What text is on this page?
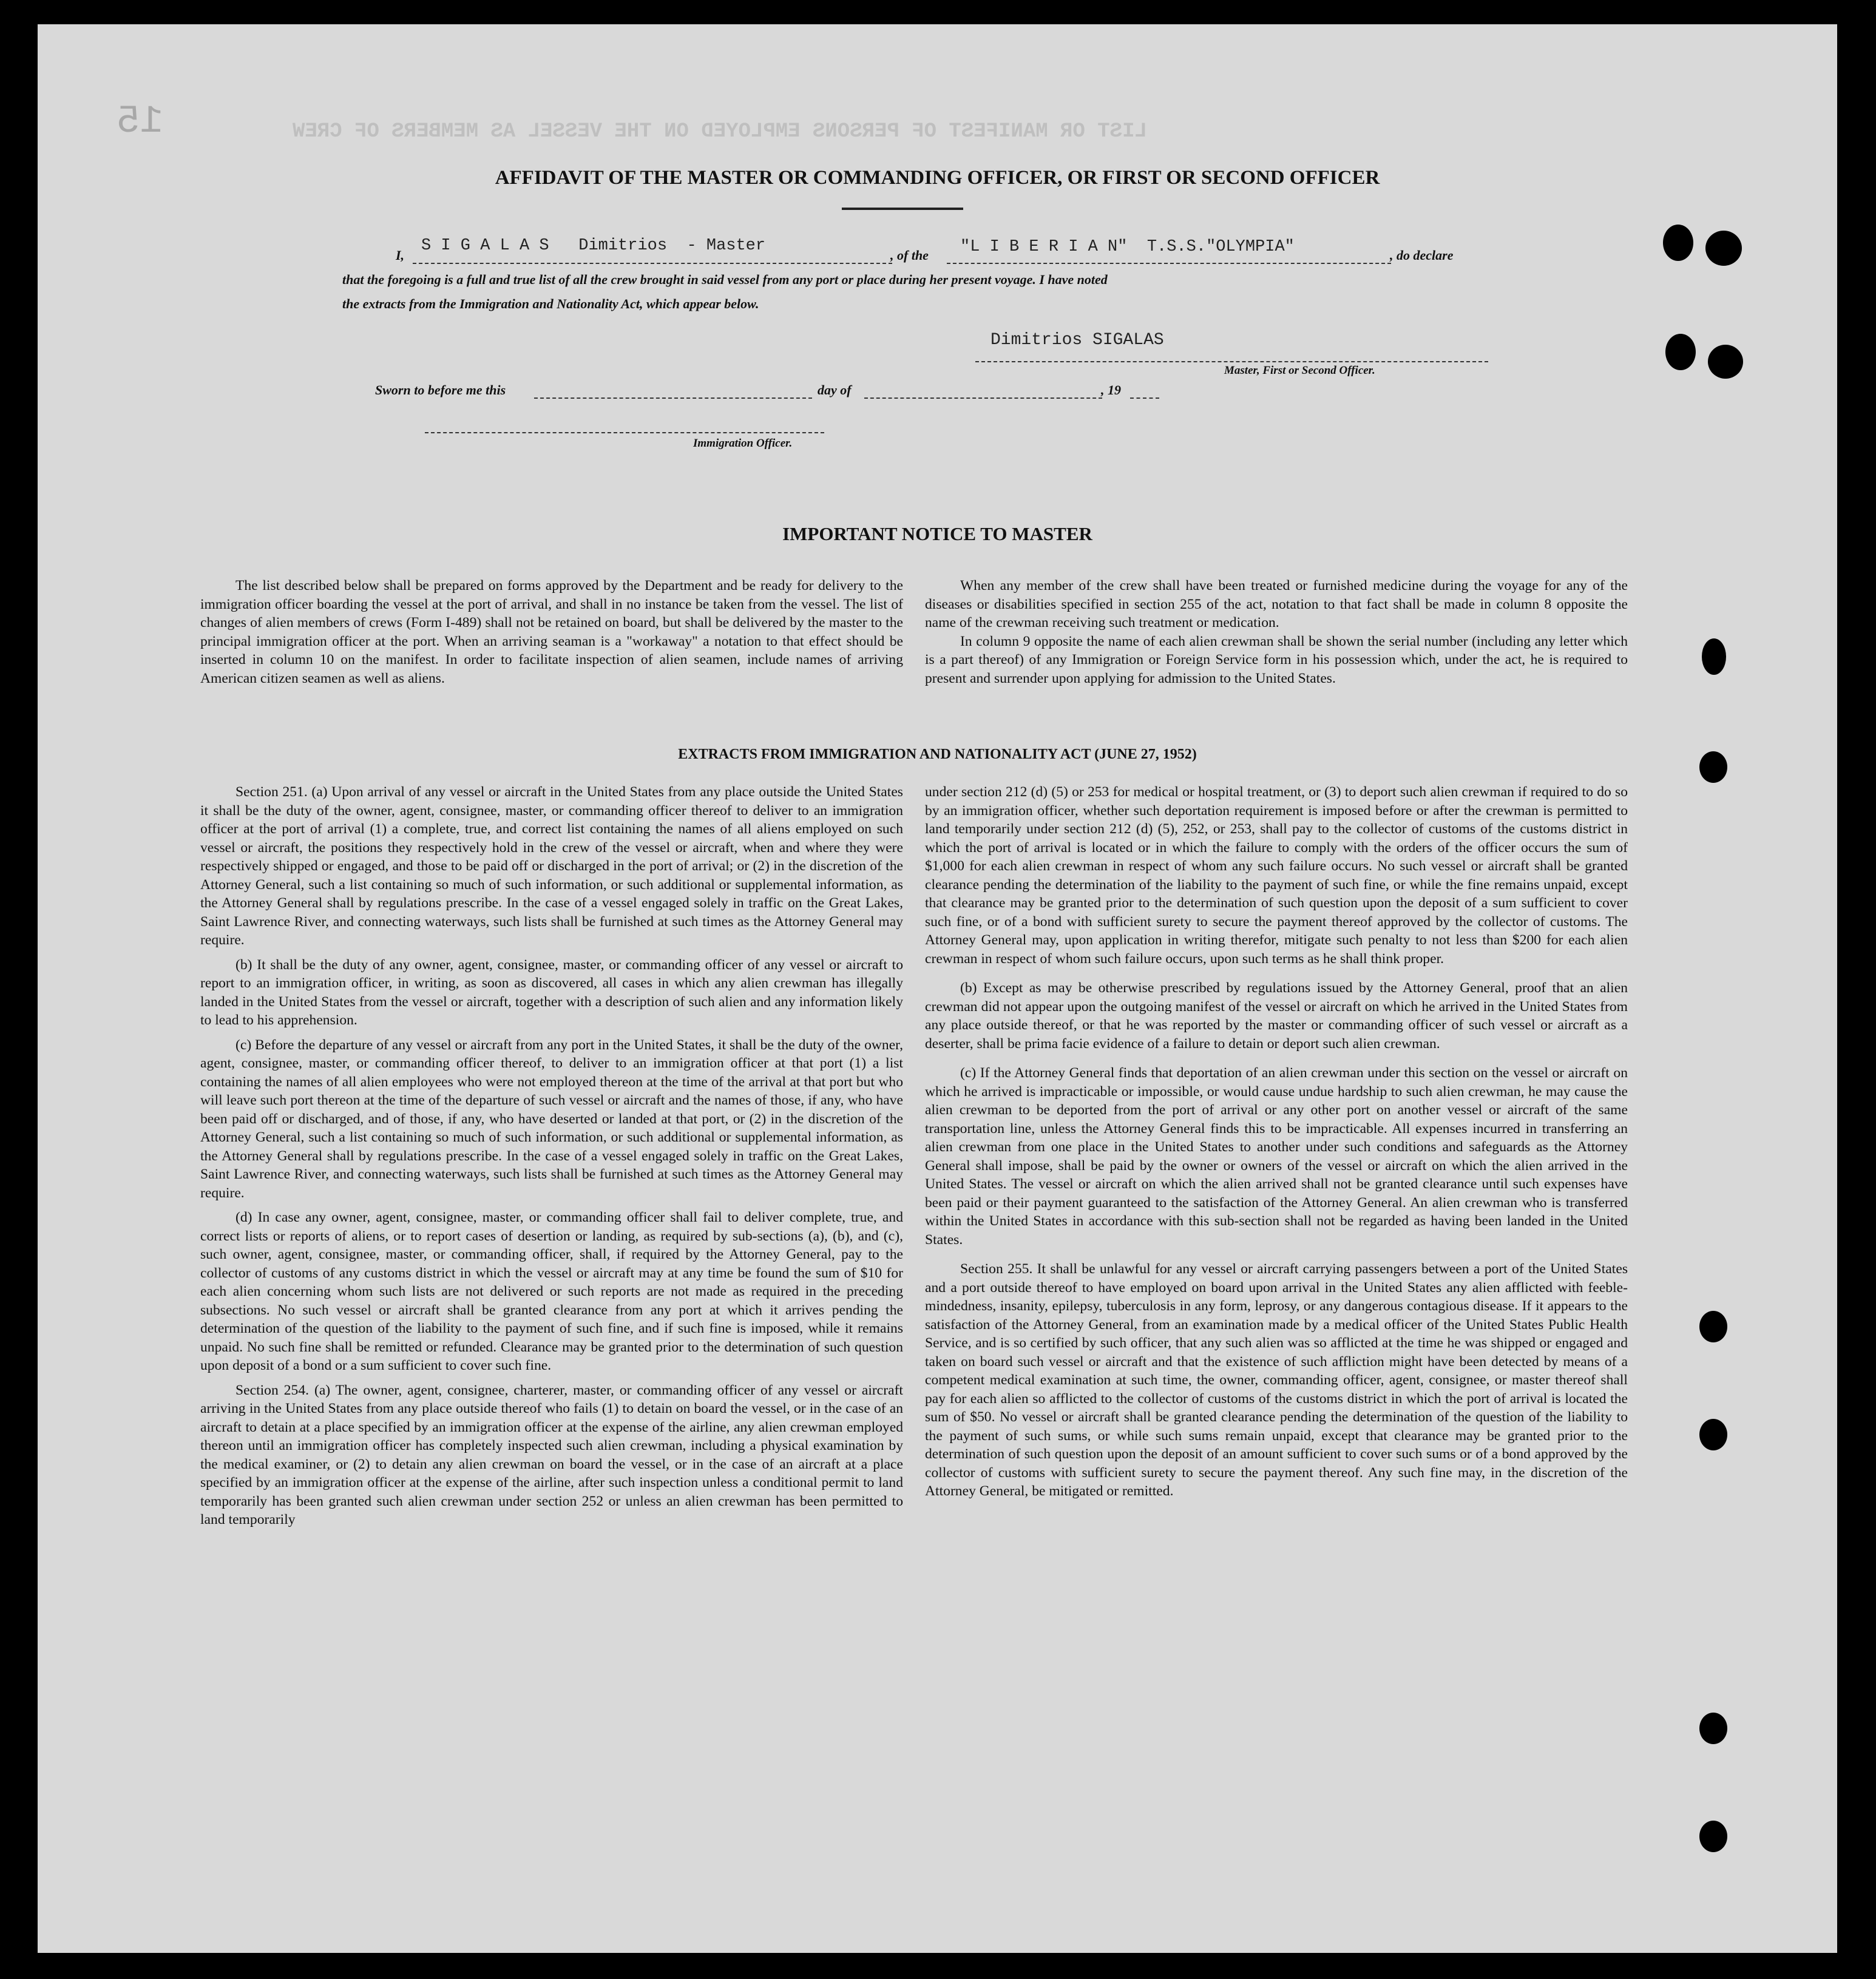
15	LIST OR MANIFEST OF PERSONS EMPLOYED ON THE VESSEL AS MEMBERS OF CREW
AFFIDAVIT OF THE MASTER OR COMMANDING OFFICER, OR FIRST OR SECOND OFFICER
I,
S I G A L A S   Dimitrios  - Master
, of the "L I B E R I A N"  T.S.S."OLYMPIA"	, do declare
that the foregoing is a full and true list of all the crew brought in said vessel from any port or place during her present voyage. I have noted
the extracts from the Immigration and Nationality Act, which appear below.
Dimitrios SIGALAS
Master, First or Second Officer.
Sworn to before me this	day of	, 19
Immigration Officer.
IMPORTANT NOTICE TO MASTER

The list described below shall be prepared on forms approved by the Department and be ready for delivery to the immigration officer boarding the vessel at the port of arrival, and shall in no instance be taken from the vessel. The list of changes of alien members of crews (Form I-489) shall not be retained on board, but shall be delivered by the master to the principal immigration officer at the port. When an arriving seaman is a "workaway" a notation to that effect should be inserted in column 10 on the manifest. In order to facilitate inspection of alien seamen, include names of arriving American citizen seamen as well as aliens.

When any member of the crew shall have been treated or furnished medicine during the voyage for any of the diseases or disabilities specified in section 255 of the act, notation to that fact shall be made in column 8 opposite the name of the crewman receiving such treatment or medication.

In column 9 opposite the name of each alien crewman shall be shown the serial number (including any letter which is a part thereof) of any Immigration or Foreign Service form in his possession which, under the act, he is required to present and surrender upon applying for admission to the United States.

EXTRACTS FROM IMMIGRATION AND NATIONALITY ACT (JUNE 27, 1952)

Section 251. (a) Upon arrival of any vessel or aircraft in the United States from any place outside the United States it shall be the duty of the owner, agent, consignee, master, or commanding officer thereof to deliver to an immigration officer at the port of arrival (1) a complete, true, and correct list containing the names of all aliens employed on such vessel or aircraft, the positions they respectively hold in the crew of the vessel or aircraft, when and where they were respectively shipped or engaged, and those to be paid off or discharged in the port of arrival; or (2) in the discretion of the Attorney General, such a list containing so much of such information, or such additional or supplemental information, as the Attorney General shall by regulations prescribe. In the case of a vessel engaged solely in traffic on the Great Lakes, Saint Lawrence River, and connecting waterways, such lists shall be furnished at such times as the Attorney General may require.

(b) It shall be the duty of any owner, agent, consignee, master, or commanding officer of any vessel or aircraft to report to an immigration officer, in writing, as soon as discovered, all cases in which any alien crewman has illegally landed in the United States from the vessel or aircraft, together with a description of such alien and any information likely to lead to his apprehension.

(c) Before the departure of any vessel or aircraft from any port in the United States, it shall be the duty of the owner, agent, consignee, master, or commanding officer thereof, to deliver to an immigration officer at that port (1) a list containing the names of all alien employees who were not employed thereon at the time of the arrival at that port but who will leave such port thereon at the time of the departure of such vessel or aircraft and the names of those, if any, who have been paid off or discharged, and of those, if any, who have deserted or landed at that port, or (2) in the discretion of the Attorney General, such a list containing so much of such information, or such additional or supplemental information, as the Attorney General shall by regulations prescribe. In the case of a vessel engaged solely in traffic on the Great Lakes, Saint Lawrence River, and connecting waterways, such lists shall be furnished at such times as the Attorney General may require.

(d) In case any owner, agent, consignee, master, or commanding officer shall fail to deliver complete, true, and correct lists or reports of aliens, or to report cases of desertion or landing, as required by sub-sections (a), (b), and (c), such owner, agent, consignee, master, or commanding officer, shall, if required by the Attorney General, pay to the collector of customs of any customs district in which the vessel or aircraft may at any time be found the sum of $10 for each alien concerning whom such lists are not delivered or such reports are not made as required in the preceding subsections. No such vessel or aircraft shall be granted clearance from any port at which it arrives pending the determination of the question of the liability to the payment of such fine, and if such fine is imposed, while it remains unpaid. No such fine shall be remitted or refunded. Clearance may be granted prior to the determination of such question upon deposit of a bond or a sum sufficient to cover such fine.

Section 254. (a) The owner, agent, consignee, charterer, master, or commanding officer of any vessel or aircraft arriving in the United States from any place outside thereof who fails (1) to detain on board the vessel, or in the case of an aircraft to detain at a place specified by an immigration officer at the expense of the airline, any alien crewman employed thereon until an immigration officer has completely inspected such alien crewman, including a physical examination by the medical examiner, or (2) to detain any alien crewman on board the vessel, or in the case of an aircraft at a place specified by an immigration officer at the expense of the airline, after such inspection unless a conditional permit to land temporarily has been granted such alien crewman under section 252 or unless an alien crewman has been permitted to land temporarily

under section 212 (d) (5) or 253 for medical or hospital treatment, or (3) to deport such alien crewman if required to do so by an immigration officer, whether such deportation requirement is imposed before or after the crewman is permitted to land temporarily under section 212 (d) (5), 252, or 253, shall pay to the collector of customs of the customs district in which the port of arrival is located or in which the failure to comply with the orders of the officer occurs the sum of $1,000 for each alien crewman in respect of whom any such failure occurs. No such vessel or aircraft shall be granted clearance pending the determination of the liability to the payment of such fine, or while the fine remains unpaid, except that clearance may be granted prior to the determination of such question upon the deposit of a sum sufficient to cover such fine, or of a bond with sufficient surety to secure the payment thereof approved by the collector of customs. The Attorney General may, upon application in writing therefor, mitigate such penalty to not less than $200 for each alien crewman in respect of whom such failure occurs, upon such terms as he shall think proper.

(b) Except as may be otherwise prescribed by regulations issued by the Attorney General, proof that an alien crewman did not appear upon the outgoing manifest of the vessel or aircraft on which he arrived in the United States from any place outside thereof, or that he was reported by the master or commanding officer of such vessel or aircraft as a deserter, shall be prima facie evidence of a failure to detain or deport such alien crewman.

(c) If the Attorney General finds that deportation of an alien crewman under this section on the vessel or aircraft on which he arrived is impracticable or impossible, or would cause undue hardship to such alien crewman, he may cause the alien crewman to be deported from the port of arrival or any other port on another vessel or aircraft of the same transportation line, unless the Attorney General finds this to be impracticable. All expenses incurred in transferring an alien crewman from one place in the United States to another under such conditions and safeguards as the Attorney General shall impose, shall be paid by the owner or owners of the vessel or aircraft on which the alien arrived in the United States. The vessel or aircraft on which the alien arrived shall not be granted clearance until such expenses have been paid or their payment guaranteed to the satisfaction of the Attorney General. An alien crewman who is transferred within the United States in accordance with this sub-section shall not be regarded as having been landed in the United States.

Section 255. It shall be unlawful for any vessel or aircraft carrying passengers between a port of the United States and a port outside thereof to have employed on board upon arrival in the United States any alien afflicted with feeble-mindedness, insanity, epilepsy, tuberculosis in any form, leprosy, or any dangerous contagious disease. If it appears to the satisfaction of the Attorney General, from an examination made by a medical officer of the United States Public Health Service, and is so certified by such officer, that any such alien was so afflicted at the time he was shipped or engaged and taken on board such vessel or aircraft and that the existence of such affliction might have been detected by means of a competent medical examination at such time, the owner, commanding officer, agent, consignee, or master thereof shall pay for each alien so afflicted to the collector of customs of the customs district in which the port of arrival is located the sum of $50. No vessel or aircraft shall be granted clearance pending the determination of the question of the liability to the payment of such sums, or while such sums remain unpaid, except that clearance may be granted prior to the determination of such question upon the deposit of an amount sufficient to cover such sums or of a bond approved by the collector of customs with sufficient surety to secure the payment thereof. Any such fine may, in the discretion of the Attorney General, be mitigated or remitted.
